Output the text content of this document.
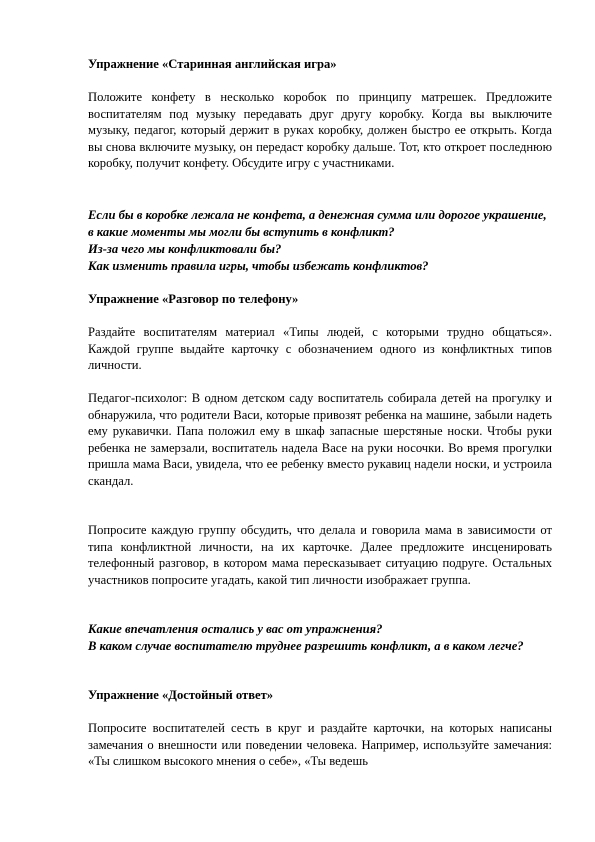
Упражнение «Старинная английская игра»

Положите конфету в несколько коробок по принципу матрешек. Предложите воспитателям под музыку передавать друг другу коробку. Когда вы выключите музыку, педагог, который держит в руках коробку, должен быстро ее открыть. Когда вы снова включите музыку, он передаст коробку дальше. Тот, кто откроет последнюю коробку, получит конфету. Обсудите игру с участниками.

Если бы в коробке лежала не конфета, а денежная сумма или дорогое украшение, в какие моменты мы могли бы вступить в конфликт?

Из-за чего мы конфликтовали бы?

Как изменить правила игры, чтобы избежать конфликтов?

Упражнение «Разговор по телефону»

Раздайте воспитателям материал «Типы людей, с которыми трудно общаться». Каждой группе выдайте карточку с обозначением одного из конфликтных типов личности.

Педагог-психолог: В одном детском саду воспитатель собирала детей на прогулку и обнаружила, что родители Васи, которые привозят ребенка на машине, забыли надеть ему рукавички. Папа положил ему в шкаф запасные шерстяные носки. Чтобы руки ребенка не замерзали, воспитатель надела Васе на руки носочки. Во время прогулки пришла мама Васи, увидела, что ее ребенку вместо рукавиц надели носки, и устроила скандал.

Попросите каждую группу обсудить, что делала и говорила мама в зависимости от типа конфликтной личности, на их карточке. Далее предложите инсценировать телефонный разговор, в котором мама пересказывает ситуацию подруге. Остальных участников попросите угадать, какой тип личности изображает группа.

Какие впечатления остались у вас от упражнения?

В каком случае воспитателю труднее разрешить конфликт, а в каком легче?

Упражнение «Достойный ответ»

Попросите воспитателей сесть в круг и раздайте карточки, на которых написаны замечания о внешности или поведении человека. Например, используйте замечания: «Ты слишком высокого мнения о себе», «Ты ведешь
